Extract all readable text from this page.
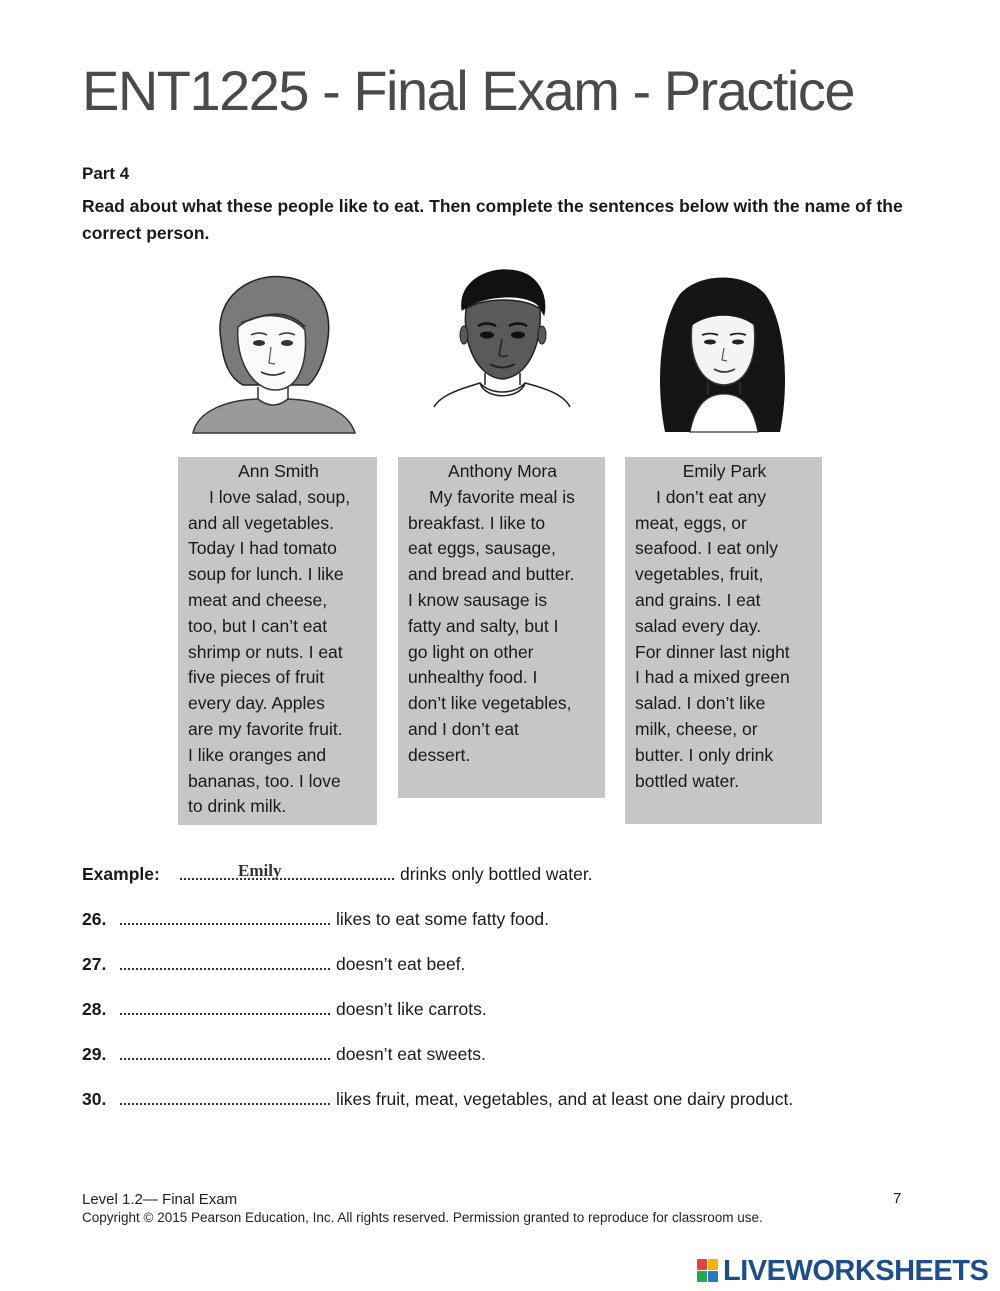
ENT1225 - Final Exam - Practice
Part 4
Read about what these people like to eat. Then complete the sentences below with the name of the correct person.
Ann Smith
I love salad, soup,
and all vegetables.
Today I had tomato
soup for lunch. I like
meat and cheese,
too, but I can’t eat
shrimp or nuts. I eat
five pieces of fruit
every day. Apples
are my favorite fruit.
I like oranges and
bananas, too. I love
to drink milk.
Anthony Mora
My favorite meal is
breakfast. I like to
eat eggs, sausage,
and bread and butter.
I know sausage is
fatty and salty, but I
go light on other
unhealthy food. I
don’t like vegetables,
and I don’t eat
dessert.
Emily Park
I don’t eat any
meat, eggs, or
seafood. I eat only
vegetables, fruit,
and grains. I eat
salad every day.
For dinner last night
I had a mixed green
salad. I don’t like
milk, cheese, or
butter. I only drink
bottled water.
Example:	Emily	drinks only bottled water.
26.	likes to eat some fatty food.
27.	doesn’t eat beef.
28.	doesn’t like carrots.
29.	doesn’t eat sweets.
30.	likes fruit, meat, vegetables, and at least one dairy product.
Level 1.2— Final Exam	7
Copyright © 2015 Pearson Education, Inc. All rights reserved. Permission granted to reproduce for classroom use.
LIVEWORKSHEETS
